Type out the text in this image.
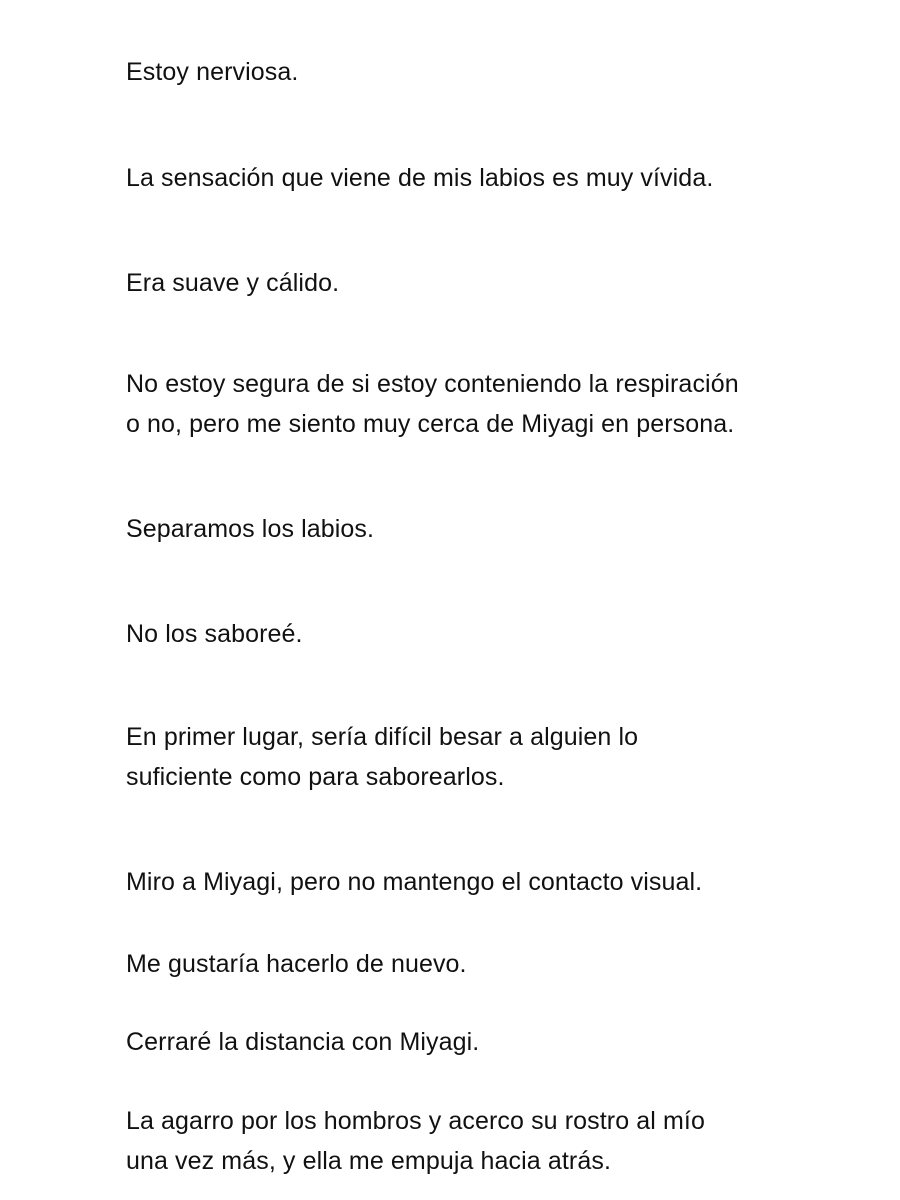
Estoy nerviosa.

La sensación que viene de mis labios es muy vívida.

Era suave y cálido.

No estoy segura de si estoy conteniendo la respiración
o no, pero me siento muy cerca de Miyagi en persona.

Separamos los labios.

No los saboreé.

En primer lugar, sería difícil besar a alguien lo
suficiente como para saborearlos.

Miro a Miyagi, pero no mantengo el contacto visual.

Me gustaría hacerlo de nuevo.

Cerraré la distancia con Miyagi.

La agarro por los hombros y acerco su rostro al mío
una vez más, y ella me empuja hacia atrás.
